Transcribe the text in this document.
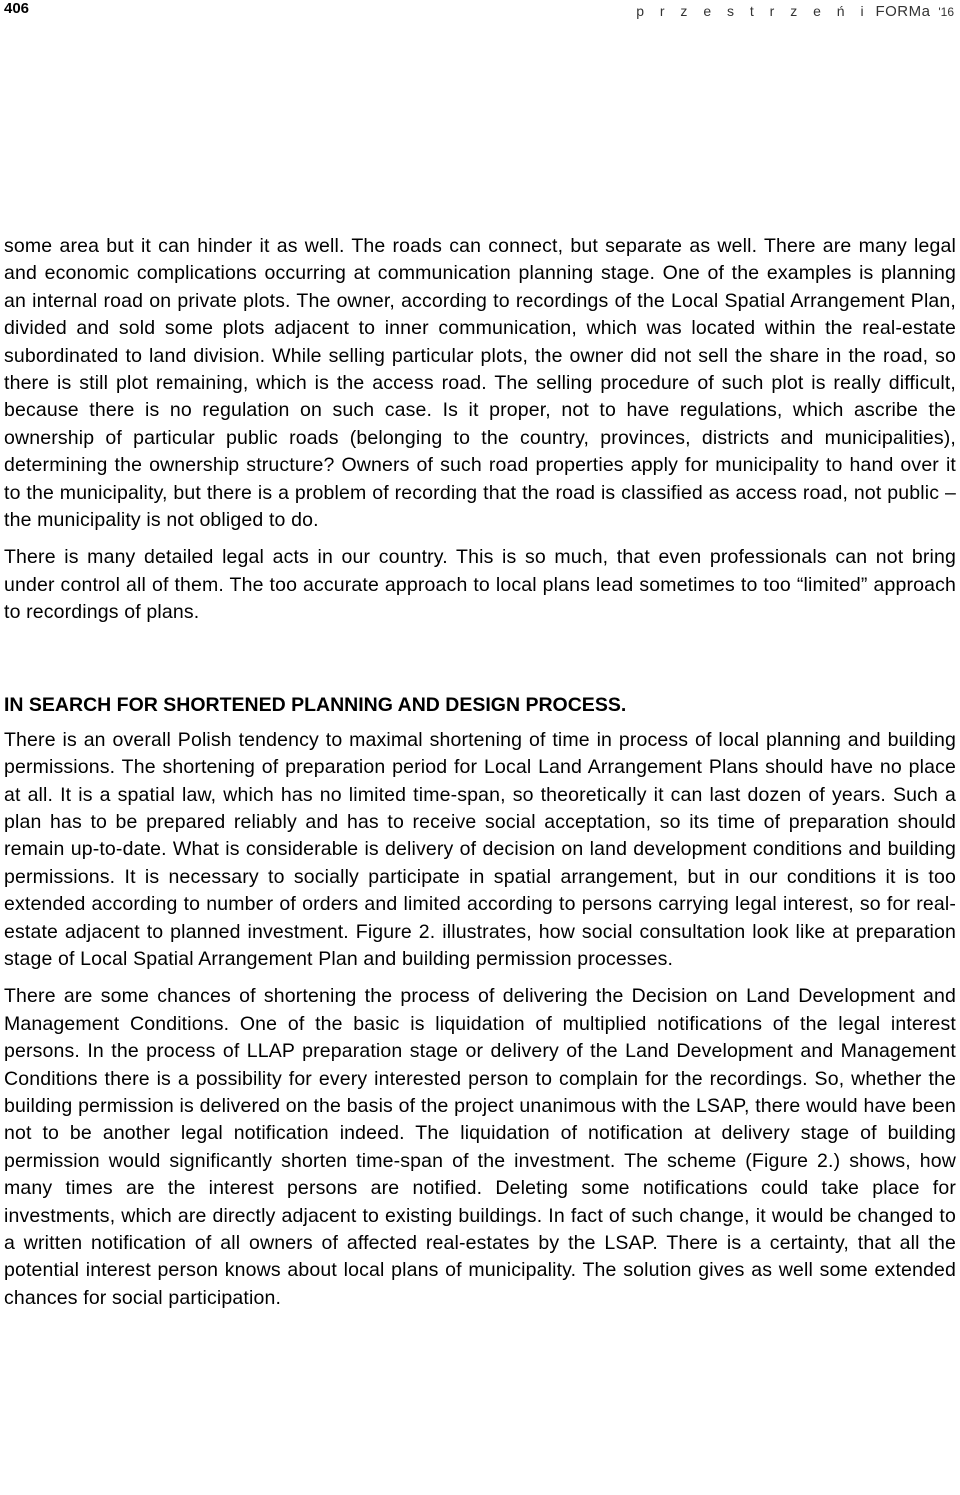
406	p r z e s t r z e ń i FORMa '16

some area but it can hinder it as well. The roads can connect, but separate as well. There are many legal and economic complications occurring at communication planning stage. One of the examples is planning an internal road on private plots. The owner, according to recordings of the Local Spatial Arrangement Plan, divided and sold some plots adjacent to inner communication, which was located within the real-estate subordinated to land division. While selling particular plots, the owner did not sell the share in the road, so there is still plot remaining, which is the access road. The selling procedure of such plot is really difficult, because there is no regulation on such case. Is it proper, not to have regulations, which ascribe the ownership of particular public roads (belonging to the country, provinces, districts and municipalities), determining the ownership structure? Owners of such road properties apply for municipality to hand over it to the municipality, but there is a problem of recording that the road is classified as access road, not public – the municipality is not obliged to do.

There is many detailed legal acts in our country. This is so much, that even professionals can not bring under control all of them. The too accurate approach to local plans lead sometimes to too “limited” approach to recordings of plans.

IN SEARCH FOR SHORTENED PLANNING AND DESIGN PROCESS.

There is an overall Polish tendency to maximal shortening of time in process of local planning and building permissions. The shortening of preparation period for Local Land Arrangement Plans should have no place at all. It is a spatial law, which has no limited time-span, so theoretically it can last dozen of years. Such a plan has to be prepared reliably and has to receive social acceptation, so its time of preparation should remain up-to-date. What is considerable is delivery of decision on land development conditions and building permissions. It is necessary to socially participate in spatial arrangement, but in our conditions it is too extended according to number of orders and limited according to persons carrying legal interest, so for real-estate adjacent to planned investment. Figure 2. illustrates, how social consultation look like at preparation stage of Local Spatial Arrangement Plan and building permission processes.

There are some chances of shortening the process of delivering the Decision on Land Development and Management Conditions. One of the basic is liquidation of multiplied notifications of the legal interest persons. In the process of LLAP preparation stage or delivery of the Land Development and Management Conditions there is a possibility for every interested person to complain for the recordings. So, whether the building permission is delivered on the basis of the project unanimous with the LSAP, there would have been not to be another legal notification indeed. The liquidation of notification at delivery stage of building permission would significantly shorten time-span of the investment. The scheme (Figure 2.) shows, how many times are the interest persons are notified. Deleting some notifications could take place for investments, which are directly adjacent to existing buildings. In fact of such change, it would be changed to a written notification of all owners of affected real-estates by the LSAP. There is a certainty, that all the potential interest person knows about local plans of municipality. The solution gives as well some extended chances for social participation.
